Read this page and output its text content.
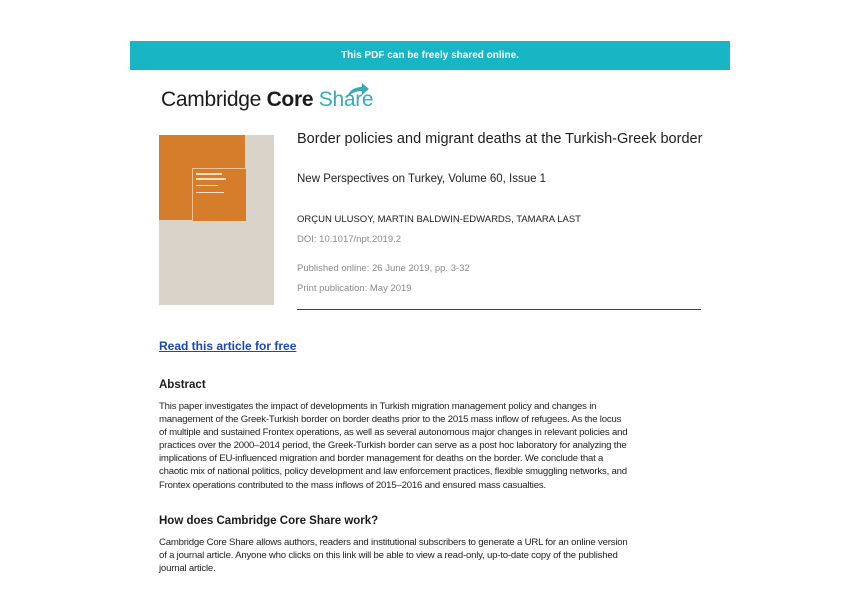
This PDF can be freely shared online.
Cambridge Core Share
Border policies and migrant deaths at the Turkish-Greek border
New Perspectives on Turkey, Volume 60, Issue 1
ORÇUN ULUSOY, MARTIN BALDWIN-EDWARDS, TAMARA LAST
DOI: 10.1017/npt.2019.2
Published online: 26 June 2019, pp. 3-32
Print publication: May 2019
Read this article for free
Abstract
This paper investigates the impact of developments in Turkish migration management policy and changes in
management of the Greek-Turkish border on border deaths prior to the 2015 mass inflow of refugees. As the locus
of multiple and sustained Frontex operations, as well as several autonomous major changes in relevant policies and
practices over the 2000–2014 period, the Greek-Turkish border can serve as a post hoc laboratory for analyzing the
implications of EU-influenced migration and border management for deaths on the border. We conclude that a
chaotic mix of national politics, policy development and law enforcement practices, flexible smuggling networks, and
Frontex operations contributed to the mass inflows of 2015–2016 and ensured mass casualties.
How does Cambridge Core Share work?
Cambridge Core Share allows authors, readers and institutional subscribers to generate a URL for an online version
of a journal article. Anyone who clicks on this link will be able to view a read-only, up-to-date copy of the published
journal article.
